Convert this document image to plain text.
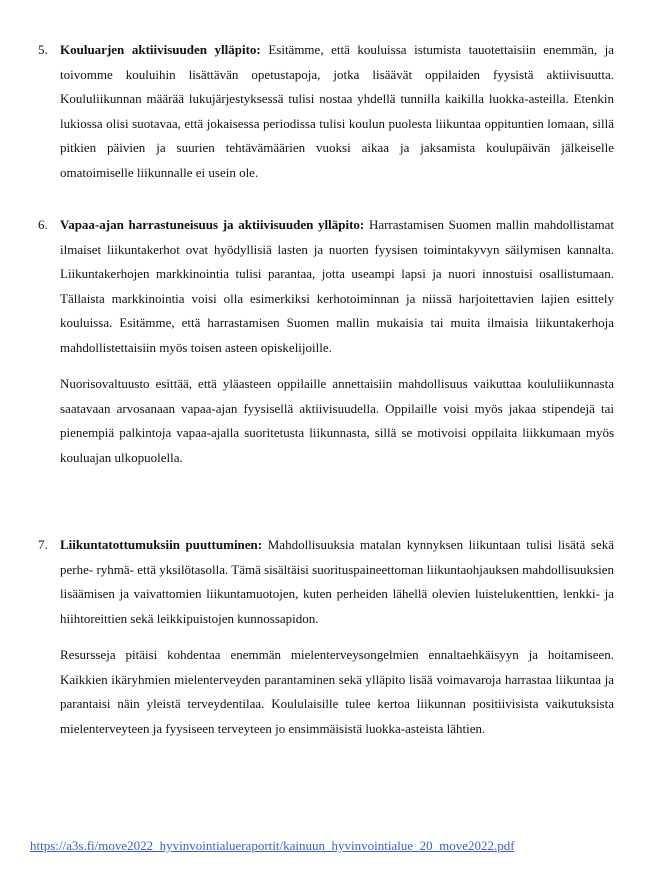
5. Kouluarjen aktiivisuuden ylläpito: Esitämme, että kouluissa istumista tauotettaisiin enemmän, ja toivomme kouluihin lisättävän opetustapoja, jotka lisäävät oppilaiden fyysistä aktiivisuutta. Koululiikunnan määrää lukujärjestyksessä tulisi nostaa yhdellä tunnilla kaikilla luokka-asteilla. Etenkin lukiossa olisi suotavaa, että jokaisessa periodissa tulisi koulun puolesta liikuntaa oppituntien lomaan, sillä pitkien päivien ja suurien tehtävämäärien vuoksi aikaa ja jaksamista koulupäivän jälkeiselle omatoimiselle liikunnalle ei usein ole.

6. Vapaa-ajan harrastuneisuus ja aktiivisuuden ylläpito: Harrastamisen Suomen mallin mahdollistamat ilmaiset liikuntakerhot ovat hyödyllisiä lasten ja nuorten fyysisen toimintakyvyn säilymisen kannalta. Liikuntakerhojen markkinointia tulisi parantaa, jotta useampi lapsi ja nuori innostuisi osallistumaan. Tällaista markkinointia voisi olla esimerkiksi kerhotoiminnan ja niissä harjoitettavien lajien esittely kouluissa. Esitämme, että harrastamisen Suomen mallin mukaisia tai muita ilmaisia liikuntakerhoja mahdollistettaisiin myös toisen asteen opiskelijoille.

Nuorisovaltuusto esittää, että yläasteen oppilaille annettaisiin mahdollisuus vaikuttaa koululiikunnasta saatavaan arvosanaan vapaa-ajan fyysisellä aktiivisuudella. Oppilaille voisi myös jakaa stipendejä tai pienempiä palkintoja vapaa-ajalla suoritetusta liikunnasta, sillä se motivoisi oppilaita liikkumaan myös kouluajan ulkopuolella.

7. Liikuntatottumuksiin puuttuminen: Mahdollisuuksia matalan kynnyksen liikuntaan tulisi lisätä sekä perhe- ryhmä- että yksilötasolla. Tämä sisältäisi suorituspaineettoman liikuntaohjauksen mahdollisuuksien lisäämisen ja vaivattomien liikuntamuotojen, kuten perheiden lähellä olevien luistelukenttien, lenkki- ja hiihtoreittien sekä leikkipuistojen kunnossapidon.

Resursseja pitäisi kohdentaa enemmän mielenterveysongelmien ennaltaehkäisyyn ja hoitamiseen. Kaikkien ikäryhmien mielenterveyden parantaminen sekä ylläpito lisää voimavaroja harrastaa liikuntaa ja parantaisi näin yleistä terveydentilaa. Koululaisille tulee kertoa liikunnan positiivisista vaikutuksista mielenterveyteen ja fyysiseen terveyteen jo ensimmäisistä luokka-asteista lähtien.

https://a3s.fi/move2022_hyvinvointialueraportit/kainuun_hyvinvointialue_20_move2022.pdf
